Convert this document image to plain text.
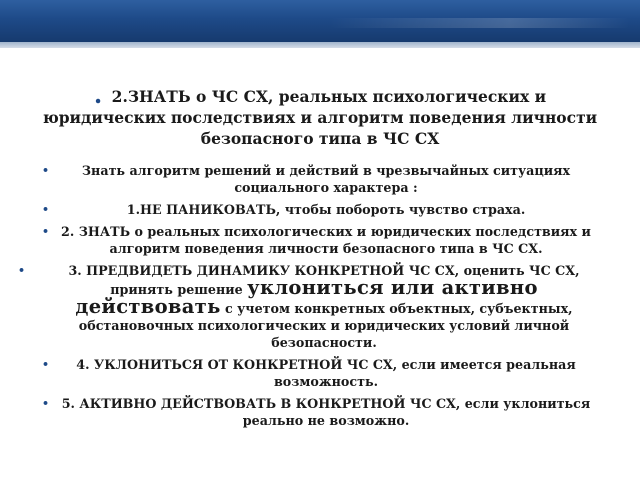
. 2.ЗНАТЬ о ЧС СХ, реальных психологических и юридических последствиях и алгоритм поведения личности безопасного типа в ЧС СХ
•	Знать алгоритм решений и действий в чрезвычайных ситуациях социального характера :
•	1.НЕ ПАНИКОВАТЬ, чтобы побороть чувство страха.
• 2. ЗНАТЬ о реальных психологических и юридических последствиях и алгоритм поведения личности безопасного типа в ЧС СХ.
•	3. ПРЕДВИДЕТЬ ДИНАМИКУ КОНКРЕТНОЙ ЧС СХ, оценить ЧС СХ, принять решение уклониться или активно действовать с учетом конкретных объектных, субъектных, обстановочных психологических и юридических условий личной безопасности.
• 4. УКЛОНИТЬСЯ ОТ КОНКРЕТНОЙ ЧС СХ, если имеется реальная возможность.
• 5. АКТИВНО ДЕЙСТВОВАТЬ В КОНКРЕТНОЙ ЧС СХ, если уклониться реально не возможно.
